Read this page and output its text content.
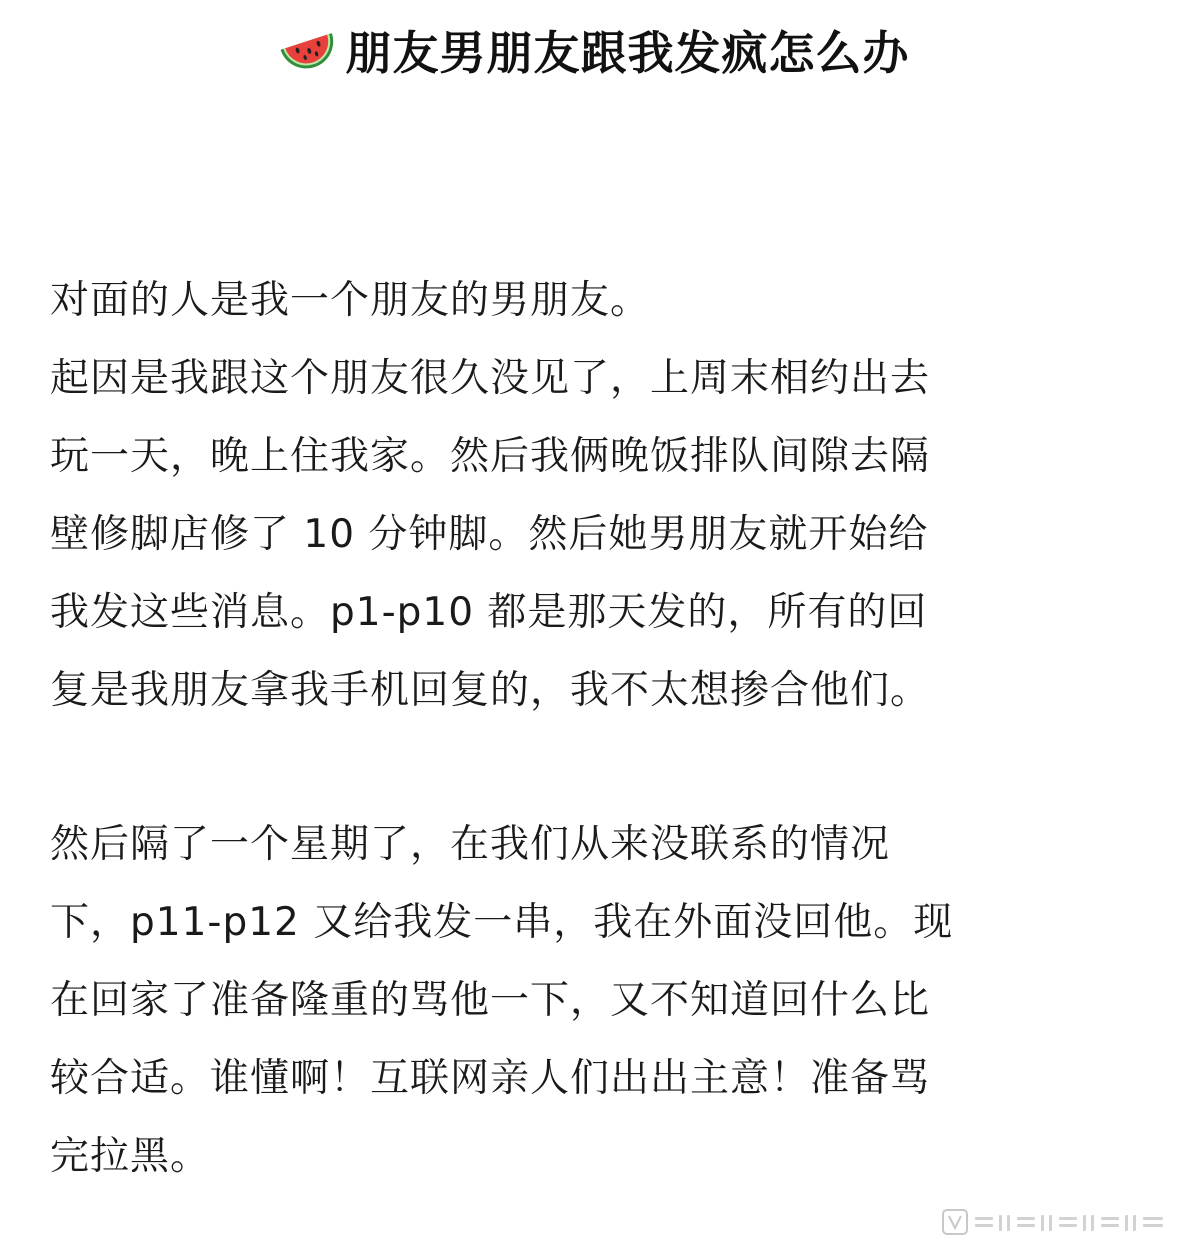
朋友男朋友跟我发疯怎么办
对面的人是我一个朋友的男朋友。
起因是我跟这个朋友很久没见了，上周末相约出去
玩一天，晚上住我家。然后我俩晚饭排队间隙去隔
壁修脚店修了 10 分钟脚。然后她男朋友就开始给
我发这些消息。p1-p10 都是那天发的，所有的回
复是我朋友拿我手机回复的，我不太想掺合他们。
然后隔了一个星期了，在我们从来没联系的情况
下，p11-p12 又给我发一串，我在外面没回他。现
在回家了准备隆重的骂他一下，又不知道回什么比
较合适。谁懂啊！互联网亲人们出出主意！准备骂
完拉黑。
